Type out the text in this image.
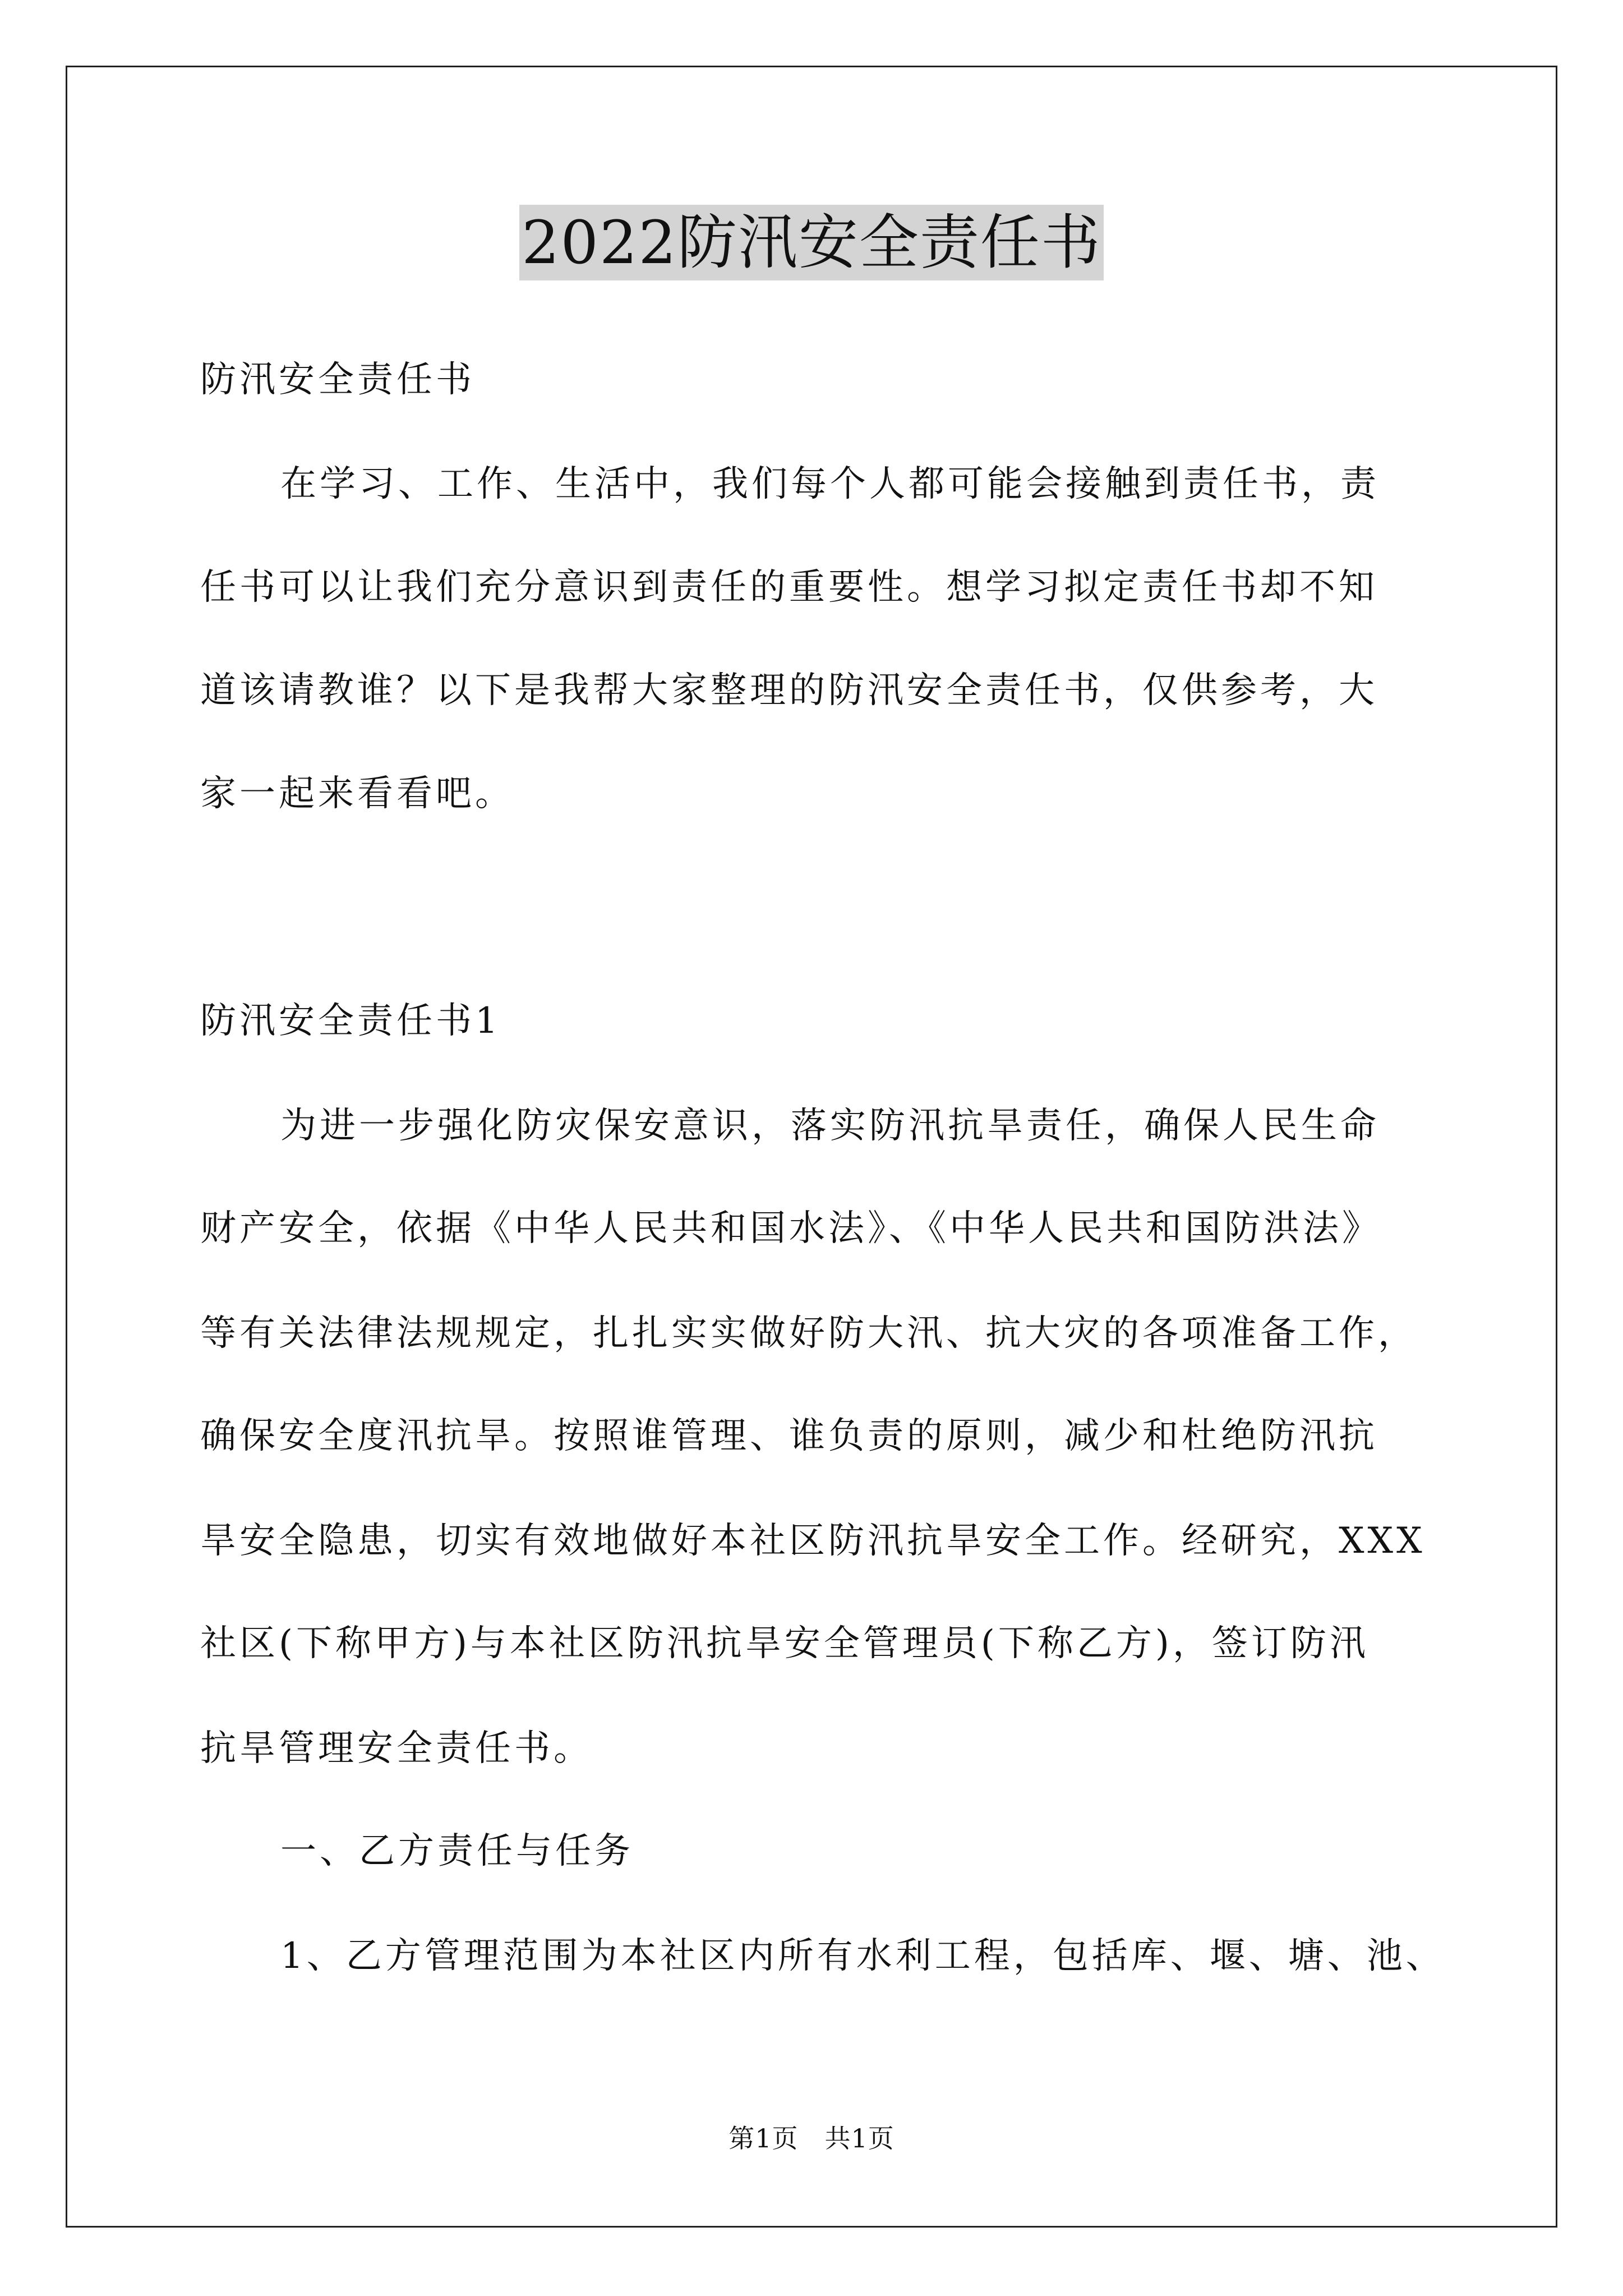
2022防汛安全责任书
防汛安全责任书
在学习、工作、生活中，我们每个人都可能会接触到责任书，责
任书可以让我们充分意识到责任的重要性。想学习拟定责任书却不知
道该请教谁？以下是我帮大家整理的防汛安全责任书，仅供参考，大
家一起来看看吧。
防汛安全责任书1
为进一步强化防灾保安意识，落实防汛抗旱责任，确保人民生命
财产安全，依据《中华人民共和国水法》、《中华人民共和国防洪法》
等有关法律法规规定，扎扎实实做好防大汛、抗大灾的各项准备工作，
确保安全度汛抗旱。按照谁管理、谁负责的原则，减少和杜绝防汛抗
旱安全隐患，切实有效地做好本社区防汛抗旱安全工作。经研究，XXX
社区(下称甲方)与本社区防汛抗旱安全管理员(下称乙方)，签订防汛
抗旱管理安全责任书。
一、乙方责任与任务
1、乙方管理范围为本社区内所有水利工程，包括库、堰、塘、池、
第1页　共1页
